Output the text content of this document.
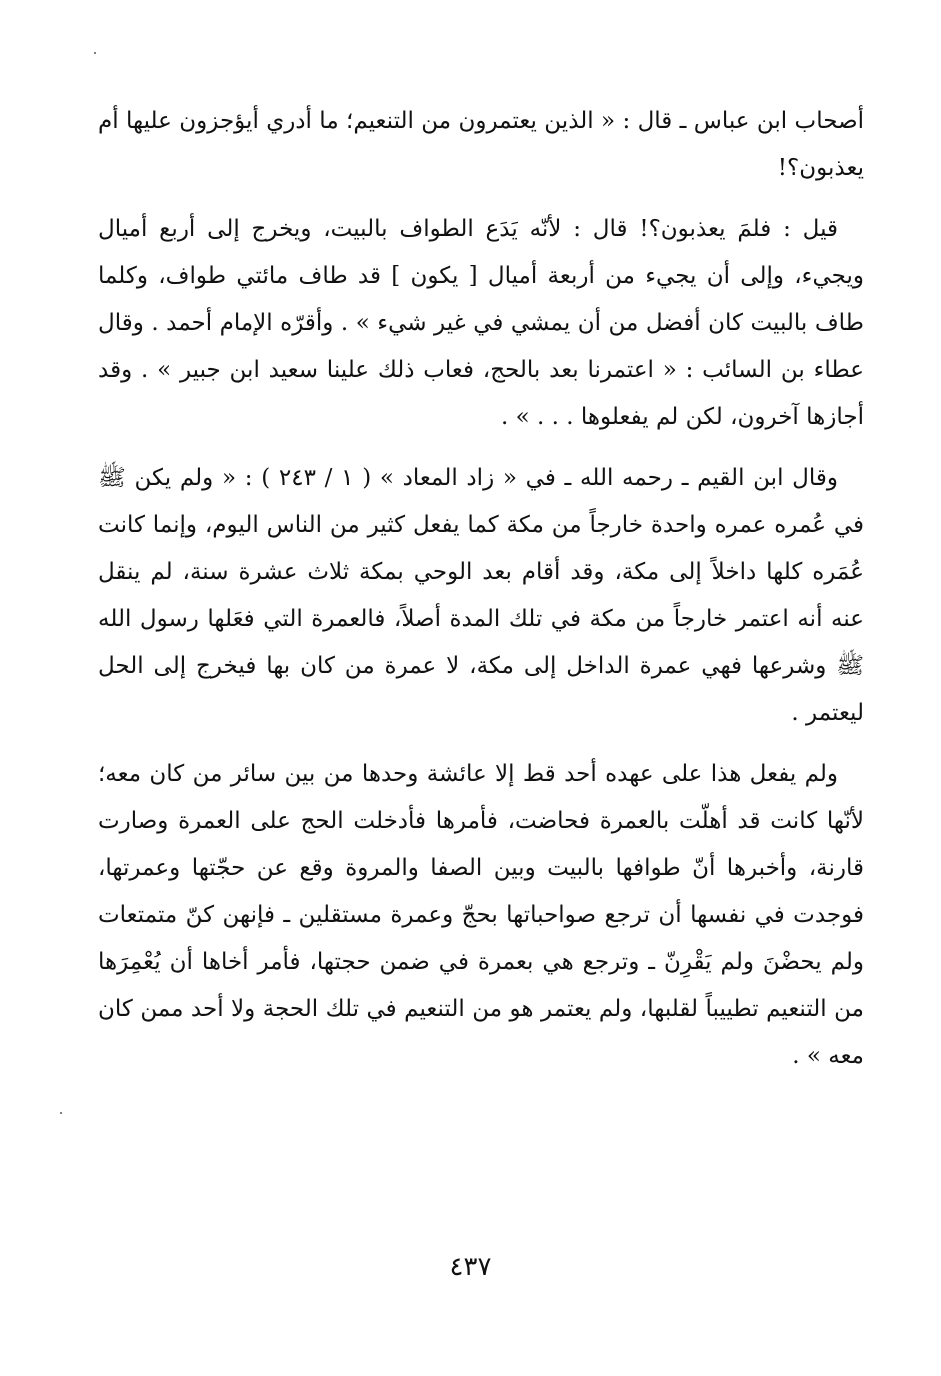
أصحاب ابن عباس ـ قال : « الذين يعتمرون من التنعيم؛ ما أدري أيؤجزون عليها أم يعذبون؟!

قيل : فلمَ يعذبون؟! قال : لأنّه يَدَع الطواف بالبيت، ويخرج إلى أربع أميال ويجيء، وإلى أن يجيء من أربعة أميال [ يكون ] قد طاف مائتي طواف، وكلما طاف بالبيت كان أفضل من أن يمشي في غير شيء » . وأقرّه الإمام أحمد . وقال عطاء بن السائب : « اعتمرنا بعد بالحج، فعاب ذلك علينا سعيد ابن جبير » . وقد أجازها آخرون، لكن لم يفعلوها . . . » .

وقال ابن القيم ـ رحمه الله ـ في « زاد المعاد » ( ١ / ٢٤٣ ) : « ولم يكن ﷺ في عُمره عمره واحدة خارجاً من مكة كما يفعل كثير من الناس اليوم، وإنما كانت عُمَره كلها داخلاً إلى مكة، وقد أقام بعد الوحي بمكة ثلاث عشرة سنة، لم ينقل عنه أنه اعتمر خارجاً من مكة في تلك المدة أصلاً، فالعمرة التي فعَلها رسول الله ﷺ وشرعها فهي عمرة الداخل إلى مكة، لا عمرة من كان بها فيخرج إلى الحل ليعتمر .

ولم يفعل هذا على عهده أحد قط إلا عائشة وحدها من بين سائر من كان معه؛ لأنّها كانت قد أهلّت بالعمرة فحاضت، فأمرها فأدخلت الحج على العمرة وصارت قارنة، وأخبرها أنّ طوافها بالبيت وبين الصفا والمروة وقع عن حجّتها وعمرتها، فوجدت في نفسها أن ترجع صواحباتها بحجّ وعمرة مستقلين ـ فإنهن كنّ متمتعات ولم يحضْنَ ولم يَقْرِنّ ـ وترجع هي بعمرة في ضمن حجتها، فأمر أخاها أن يُعْمِرَها من التنعيم تطييباً لقلبها، ولم يعتمر هو من التنعيم في تلك الحجة ولا أحد ممن كان معه » .

٤٣٧
